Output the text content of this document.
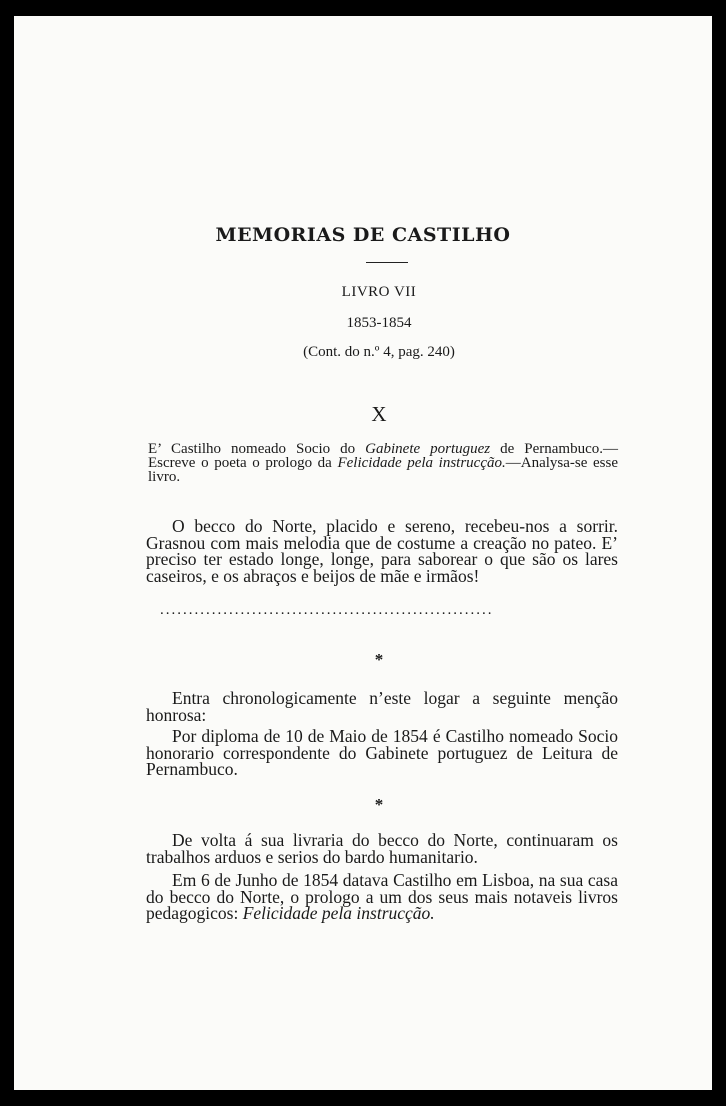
MEMORIAS DE CASTILHO
LIVRO VII
1853-1854
(Cont. do n.º 4, pag. 240)
X
E’ Castilho nomeado Socio do Gabinete portuguez de Pernambuco.— Escreve o poeta o prologo da Felicidade pela instrucção.—Analysa-se esse livro.
O becco do Norte, placido e sereno, recebeu-nos a sorrir. Grasnou com mais melodia que de costume a creação no pateo. E’ preciso ter estado longe, longe, para saborear o que são os lares caseiros, e os abraços e beijos de mãe e irmãos!
..........................................................
*
Entra chronologicamente n’este logar a seguinte menção honrosa:
Por diploma de 10 de Maio de 1854 é Castilho nomeado Socio honorario correspondente do Gabinete portuguez de Leitura de Pernambuco.
*
De volta á sua livraria do becco do Norte, continuaram os trabalhos arduos e serios do bardo humanitario.
Em 6 de Junho de 1854 datava Castilho em Lisboa, na sua casa do becco do Norte, o prologo a um dos seus mais notaveis livros pedagogicos: Felicidade pela instrucção.
